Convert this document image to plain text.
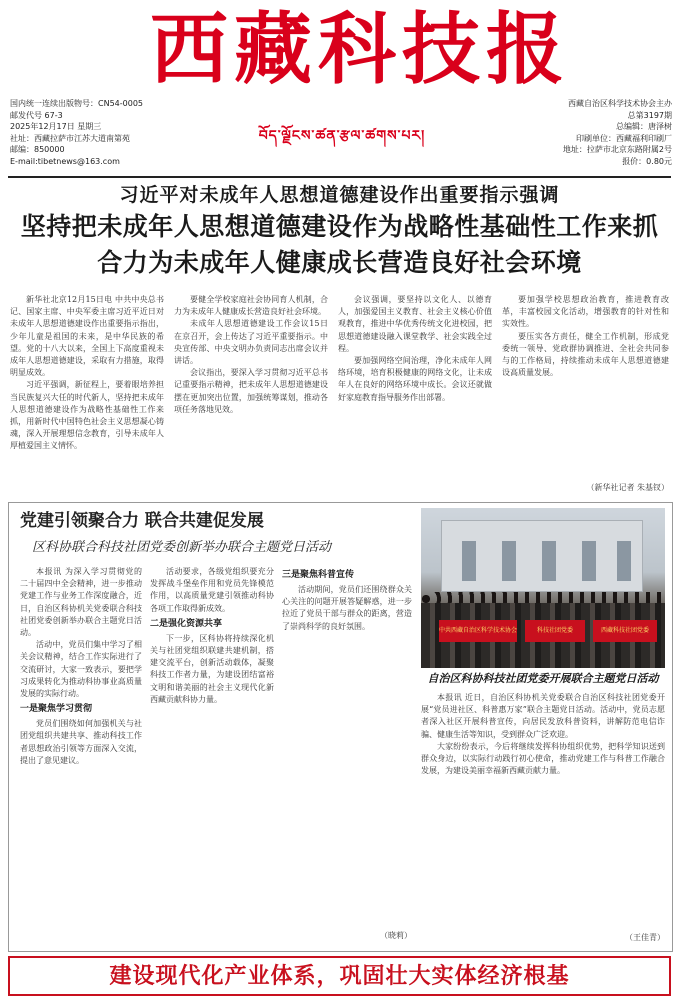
西藏科技报
བོད་ལྗོངས་ཚན་རྩལ་ཚགས་པར།
国内统一连续出版物号：CN54-0005
邮发代号 67-3
2025年12月17日 星期三
社址：西藏拉萨市江苏大道南第苑
邮编：850000
E-mail:tibetnews@163.com
西藏自治区科学技术协会主办
总第3197期
总编辑：唐泽树
印刷单位：西藏福利印刷厂
地址：拉萨市北京东路附属2号
报价：0.80元
习近平对未成年人思想道德建设作出重要指示强调
坚持把未成年人思想道德建设作为战略性基础性工作来抓
合力为未成年人健康成长营造良好社会环境

新华社北京12月15日电 中共中央总书记、国家主席、中央军委主席习近平近日对未成年人思想道德建设作出重要指示指出，少年儿童是祖国的未来，是中华民族的希望。党的十八大以来，全国上下高度重视未成年人思想道德建设，采取有力措施，取得明显成效。

习近平强调，新征程上，要着眼培养担当民族复兴大任的时代新人，坚持把未成年人思想道德建设作为战略性基础性工作来抓，用新时代中国特色社会主义思想凝心铸魂，深入开展理想信念教育，引导未成年人厚植爱国主义情怀。

要健全学校家庭社会协同育人机制，合力为未成年人健康成长营造良好社会环境。

未成年人思想道德建设工作会议15日在京召开，会上传达了习近平重要指示。中央宣传部、中央文明办负责同志出席会议并讲话。

会议指出，要深入学习贯彻习近平总书记重要指示精神，把未成年人思想道德建设摆在更加突出位置，加强统筹谋划，推动各项任务落地见效。

会议强调，要坚持以文化人、以德育人，加强爱国主义教育、社会主义核心价值观教育，推进中华优秀传统文化进校园，把思想道德建设融入课堂教学、社会实践全过程。

要加强网络空间治理，净化未成年人网络环境，培育积极健康的网络文化，让未成年人在良好的网络环境中成长。会议还就做好家庭教育指导服务作出部署。

要加强学校思想政治教育，推进教育改革，丰富校园文化活动，增强教育的针对性和实效性。

要压实各方责任，健全工作机制，形成党委统一领导、党政群协调推进、全社会共同参与的工作格局，持续推动未成年人思想道德建设高质量发展。

（新华社记者 朱基钗）
党建引领聚合力 联合共建促发展
区科协联合科技社团党委创新举办联合主题党日活动

本报讯 为深入学习贯彻党的二十届四中全会精神，进一步推动党建工作与业务工作深度融合，近日，自治区科协机关党委联合科技社团党委创新举办联合主题党日活动。

活动中，党员们集中学习了相关会议精神，结合工作实际进行了交流研讨，大家一致表示，要把学习成果转化为推动科协事业高质量发展的实际行动。

一是聚焦学习贯彻

党员们围绕如何加强机关与社团党组织共建共享、推动科技工作者思想政治引领等方面深入交流，提出了意见建议。

活动要求，各级党组织要充分发挥战斗堡垒作用和党员先锋模范作用，以高质量党建引领推动科协各项工作取得新成效。

二是强化资源共享

下一步，区科协将持续深化机关与社团党组织联建共建机制，搭建交流平台，创新活动载体，凝聚科技工作者力量，为建设团结富裕文明和谐美丽的社会主义现代化新西藏贡献科协力量。

三是聚焦科普宣传

活动期间，党员们还围绕群众关心关注的问题开展答疑解惑，进一步拉近了党员干部与群众的距离，营造了崇尚科学的良好氛围。

（晓莉）
中共西藏自治区科学技术协会	科技社团党委	西藏科技社团党委
自治区科协科技社团党委开展联合主题党日活动

本报讯 近日，自治区科协机关党委联合自治区科技社团党委开展“党员进社区、科普惠万家”联合主题党日活动。活动中，党员志愿者深入社区开展科普宣传，向居民发放科普资料，讲解防范电信诈骗、健康生活等知识，受到群众广泛欢迎。

大家纷纷表示，今后将继续发挥科协组织优势，把科学知识送到群众身边，以实际行动践行初心使命，推动党建工作与科普工作融合发展，为建设美丽幸福新西藏贡献力量。

（王佳青）
建设现代化产业体系，巩固壮大实体经济根基
